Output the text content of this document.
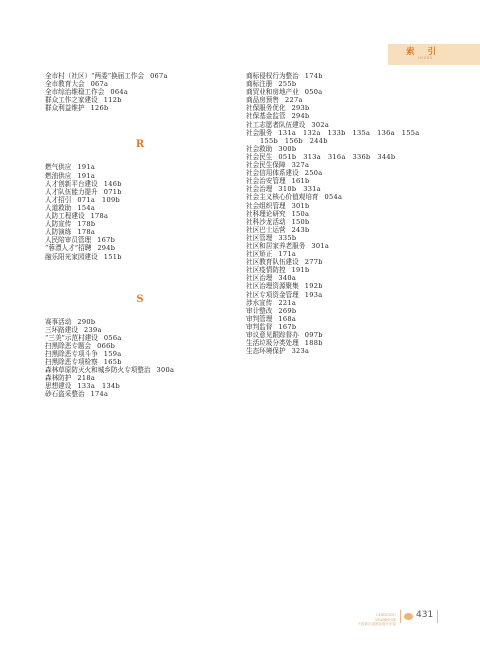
索 引
INDEX
全市村（社区）“两委”换届工作会 067a
全市教育大会 067a
全市综治维稳工作会 064a
群众工作之家建设 112b
群众利益维护 126b
R
燃气供应 191a
燃油供应 191a
人才创新平台建设 146b
人才队伍能力提升 071b
人才招引 071a　109b
人道救助 154a
人防工程建设 178a
人防宣传 178b
人防演练 178a
人民陪审员管理 167b
“蓉漂人才”招聘 294b
融乐阳光家园建设 151b
S
赛事活动 290b
三环路建设 239a
“三美”示范村建设 056a
扫黑除恶专题会 066b
扫黑除恶专项斗争 159a
扫黑除恶专项检察 165b
森林草原防灭火和城乡防火专项整治 300a
森林防护 218a
思想建设 133a　134b
砂石盗采整治 174a
商标侵权行为整治 174b
商标注册 255b
商贸业和房地产业 050a
商品房预售 227a
社保服务优化 293b
社保基金监管 294b
社工志愿者队伍建设 302a
社会服务 131a　132a　133b　135a　136a　155a
155b　156b　244b
社会救助 300b
社会民生 051b　313a　316a　336b　344b
社会民生保障 327a
社会信用体系建设 250a
社会治安管理 161b
社会治理 310b　331a
社会主义核心价值观培育 054a
社会组织管理 301b
社科理论研究 150a
社科沙龙活动 150b
社区巴士运营 243b
社区管理 335b
社区和居家养老服务 301a
社区矫正 171a
社区教育队伍建设 277b
社区疫情防控 191b
社区治理 340a
社区治理资源聚集 192b
社区专项资金管理 193a
涉水宣传 221a
审计整改 269b
审判管理 168a
审判监督 167b
审议意见跟踪督办 097b
生活垃圾分类处理 188b
生态环境保护 323a
CHENGDU YEARBOOK
天府新区成都直管区年鉴
431
